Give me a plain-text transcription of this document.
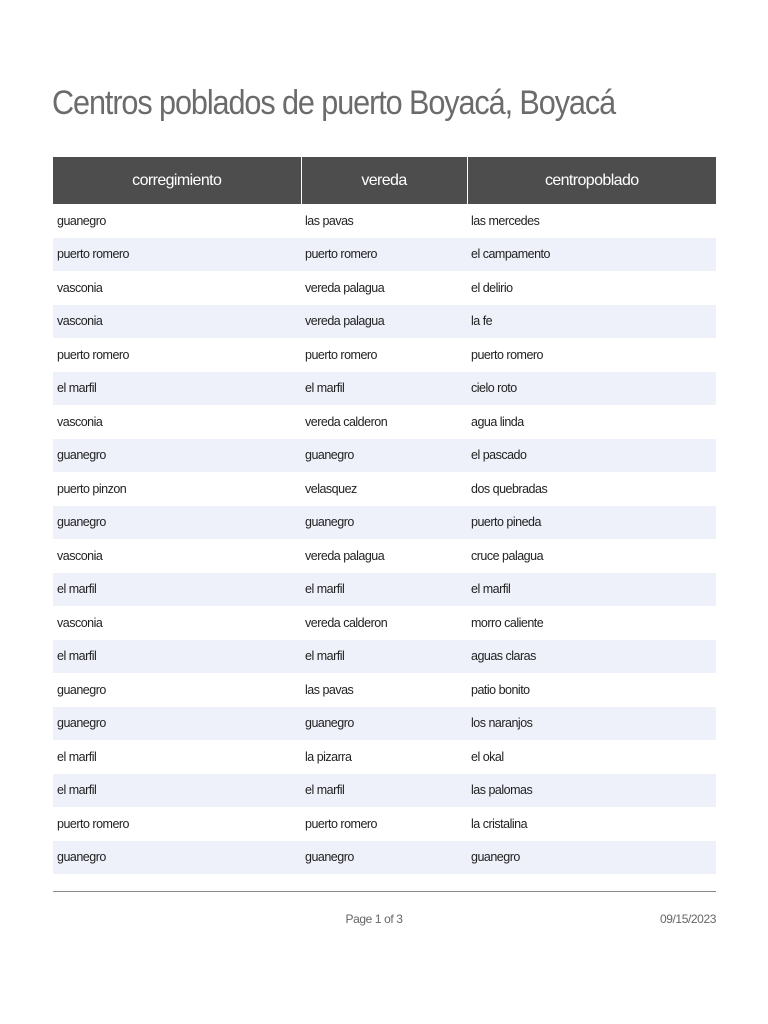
Centros poblados de puerto Boyacá, Boyacá
corregimiento	vereda	centropoblado
guanegro	las pavas	las mercedes
puerto romero	puerto romero	el campamento
vasconia	vereda palagua	el delirio
vasconia	vereda palagua	la fe
puerto romero	puerto romero	puerto romero
el marfil	el marfil	cielo roto
vasconia	vereda calderon	agua linda
guanegro	guanegro	el pascado
puerto pinzon	velasquez	dos quebradas
guanegro	guanegro	puerto pineda
vasconia	vereda palagua	cruce palagua
el marfil	el marfil	el marfil
vasconia	vereda calderon	morro caliente
el marfil	el marfil	aguas claras
guanegro	las pavas	patio bonito
guanegro	guanegro	los naranjos
el marfil	la pizarra	el okal
el marfil	el marfil	las palomas
puerto romero	puerto romero	la cristalina
guanegro	guanegro	guanegro
Page 1 of 3	09/15/2023
